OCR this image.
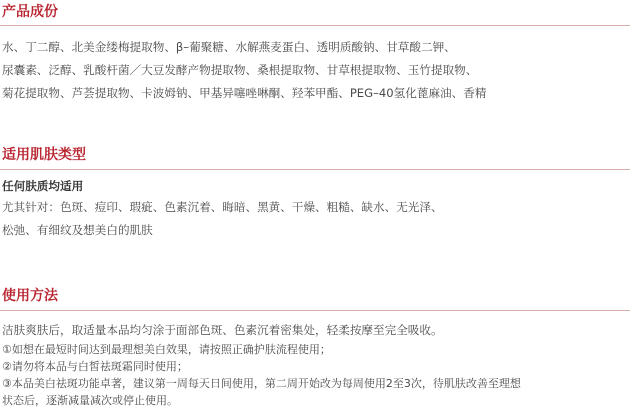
产品成份
水、丁二醇、北美金缕梅提取物、β–葡聚糖、水解燕麦蛋白、透明质酸钠、甘草酸二钾、
尿囊素、泛醇、乳酸杆菌／大豆发酵产物提取物、桑根提取物、甘草根提取物、玉竹提取物、
菊花提取物、芦荟提取物、卡波姆钠、甲基异噻唑啉酮、羟苯甲酯、PEG–40氢化蓖麻油、香精
适用肌肤类型
任何肤质均适用
尤其针对：色斑、痘印、瑕疵、色素沉着、晦暗、黑黄、干燥、粗糙、缺水、无光泽、
松弛、有细纹及想美白的肌肤
使用方法
洁肤爽肤后，取适量本品均匀涂于面部色斑、色素沉着密集处，轻柔按摩至完全吸收。
①如想在最短时间达到最理想美白效果，请按照正确护肤流程使用；
②请勿将本品与白皙祛斑霜同时使用；
③本品美白祛斑功能卓著，建议第一周每天日间使用，第二周开始改为每周使用2至3次，待肌肤改善至理想
状态后，逐渐减量减次或停止使用。
